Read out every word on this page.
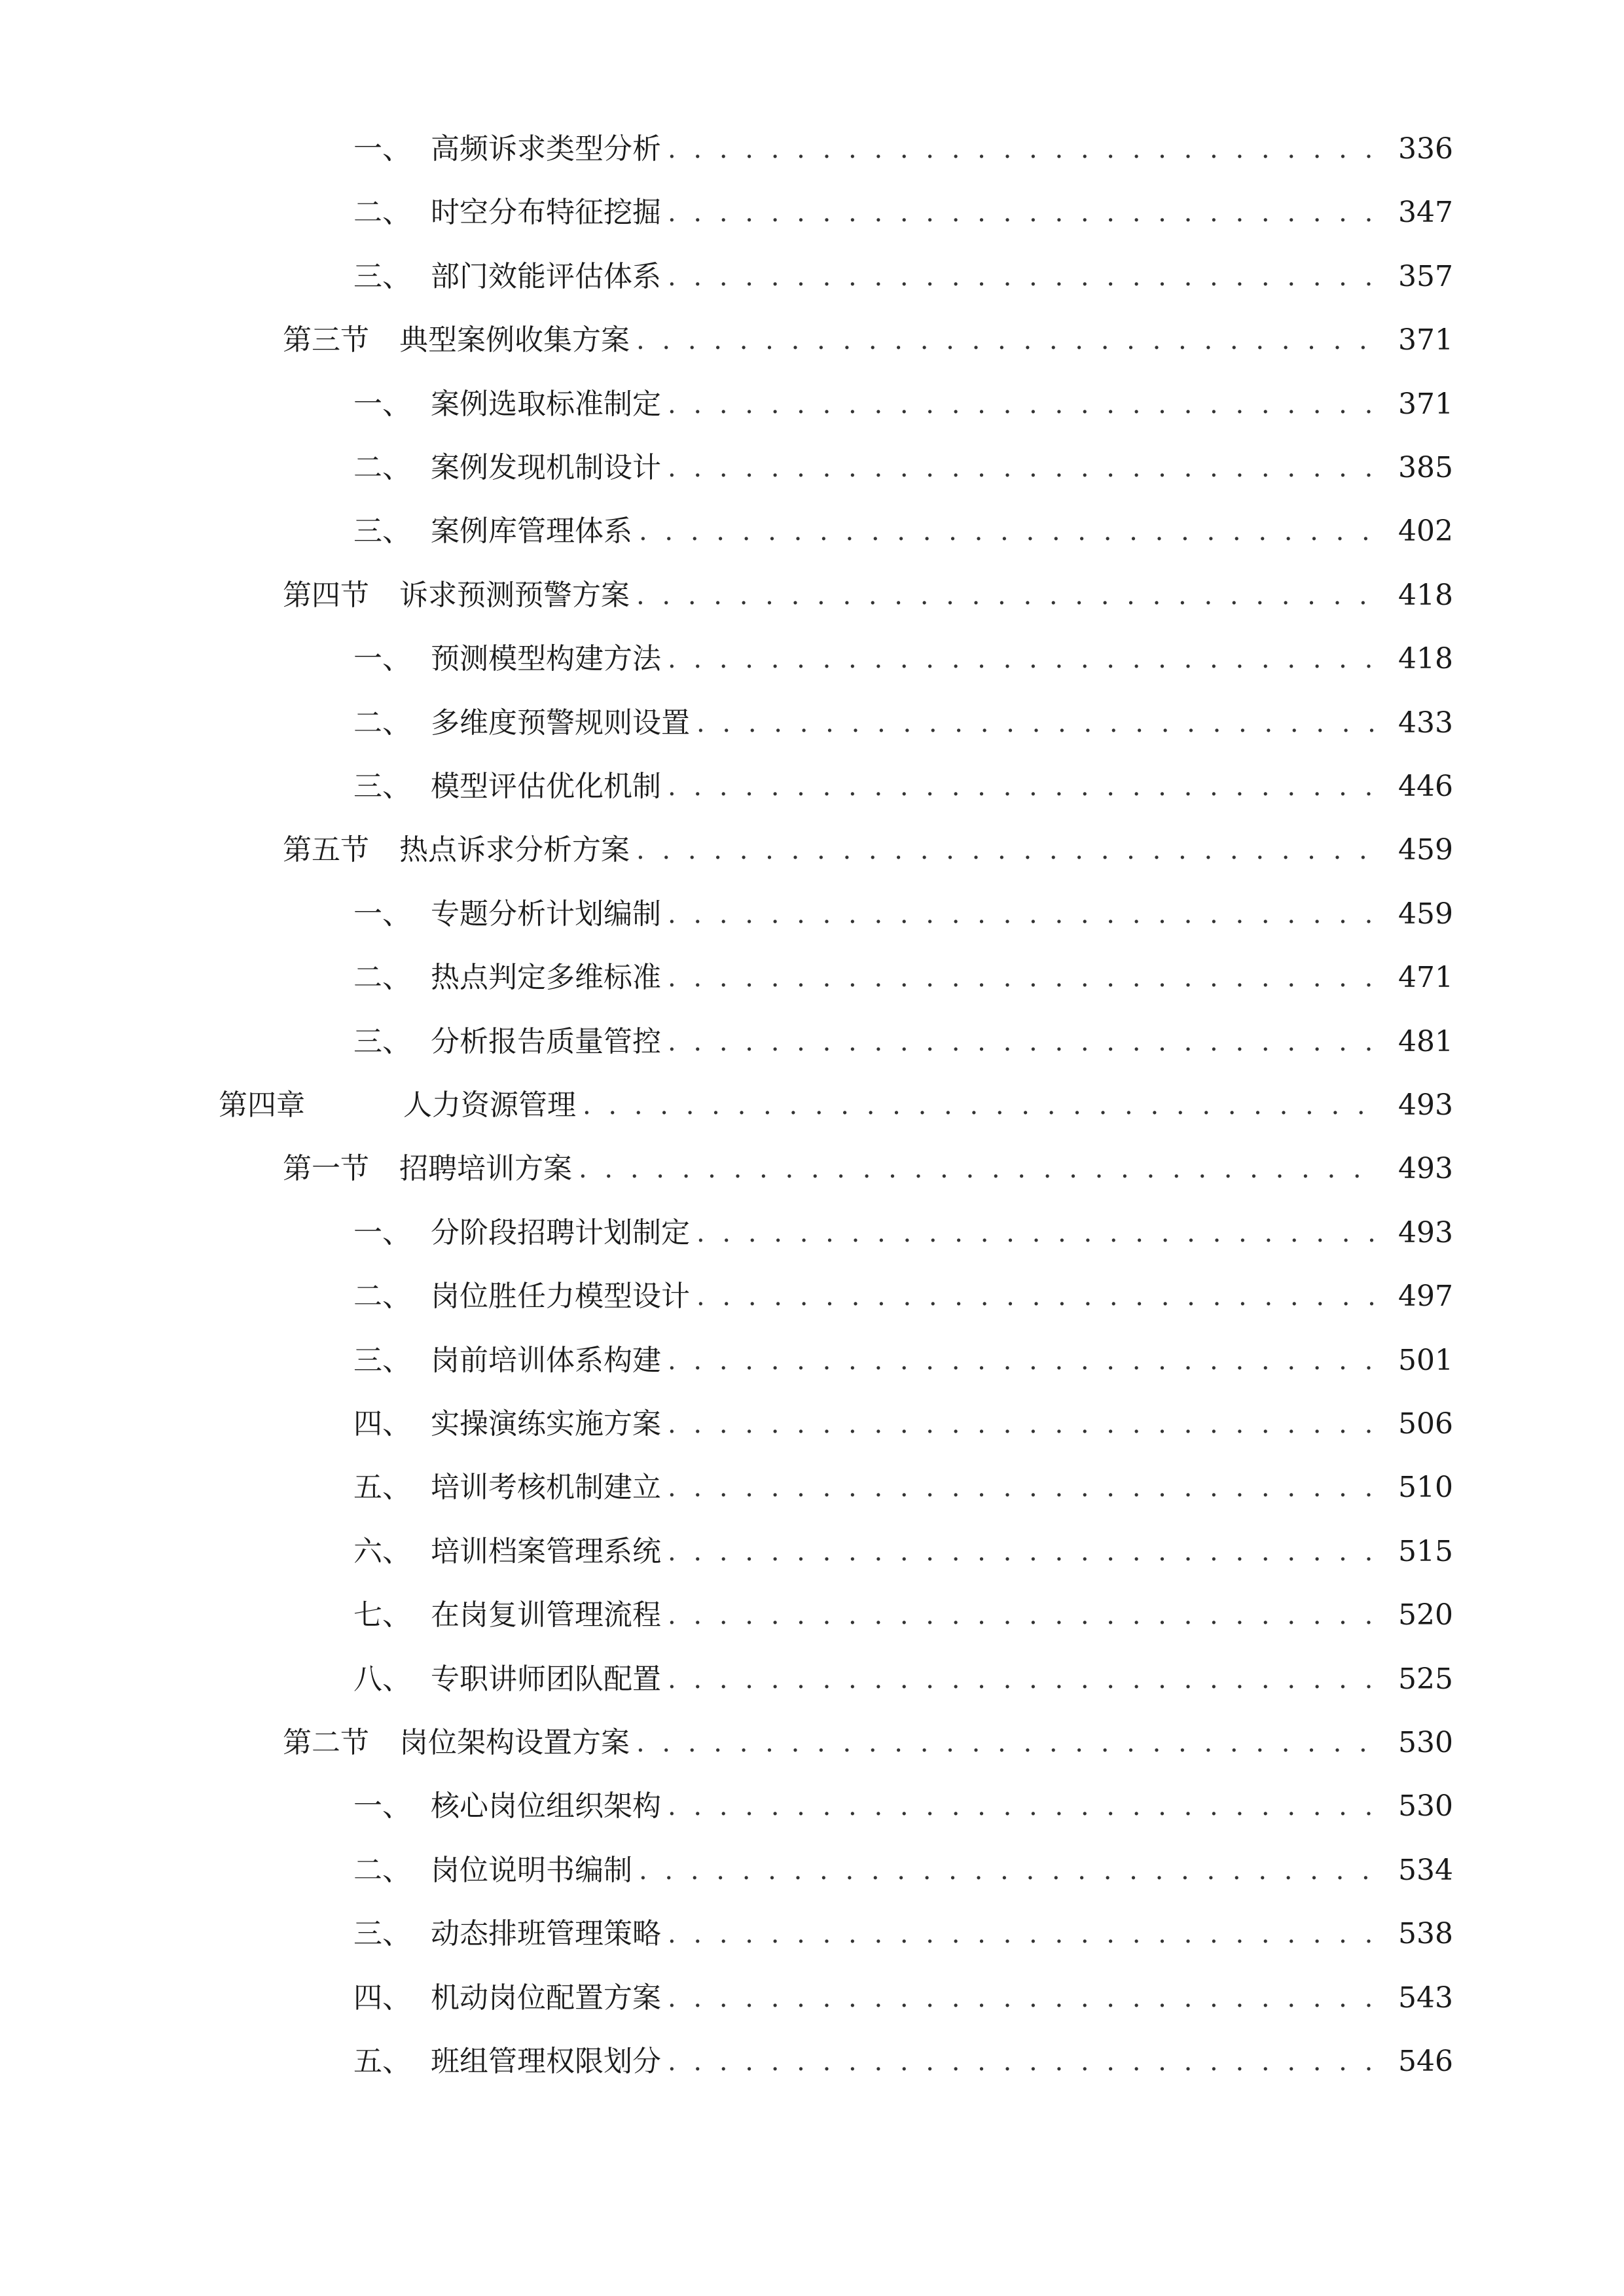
一、 高频诉求类型分析 . . .	336
二、 时空分布特征挖掘 . . .	347
三、 部门效能评估体系 . . .	357
第三节	典型案例收集方案 . . .	371
一、 案例选取标准制定 . . .	371
二、 案例发现机制设计 . . .	385
三、 案例库管理体系 . . .	402
第四节	诉求预测预警方案 . . .	418
一、 预测模型构建方法 . . .	418
二、 多维度预警规则设置 . . .	433
三、 模型评估优化机制 . . .	446
第五节	热点诉求分析方案 . . .	459
一、 专题分析计划编制 . . .	459
二、 热点判定多维标准 . . .	471
三、 分析报告质量管控 . . .	481
第四章	人力资源管理 . . .	493
第一节	招聘培训方案 . . .	493
一、 分阶段招聘计划制定 . . .	493
二、 岗位胜任力模型设计 . . .	497
三、 岗前培训体系构建 . . .	501
四、 实操演练实施方案 . . .	506
五、 培训考核机制建立 . . .	510
六、 培训档案管理系统 . . .	515
七、 在岗复训管理流程 . . .	520
八、 专职讲师团队配置 . . .	525
第二节	岗位架构设置方案 . . .	530
一、 核心岗位组织架构 . . .	530
二、 岗位说明书编制 . . .	534
三、 动态排班管理策略 . . .	538
四、 机动岗位配置方案 . . .	543
五、 班组管理权限划分 . . .	546
